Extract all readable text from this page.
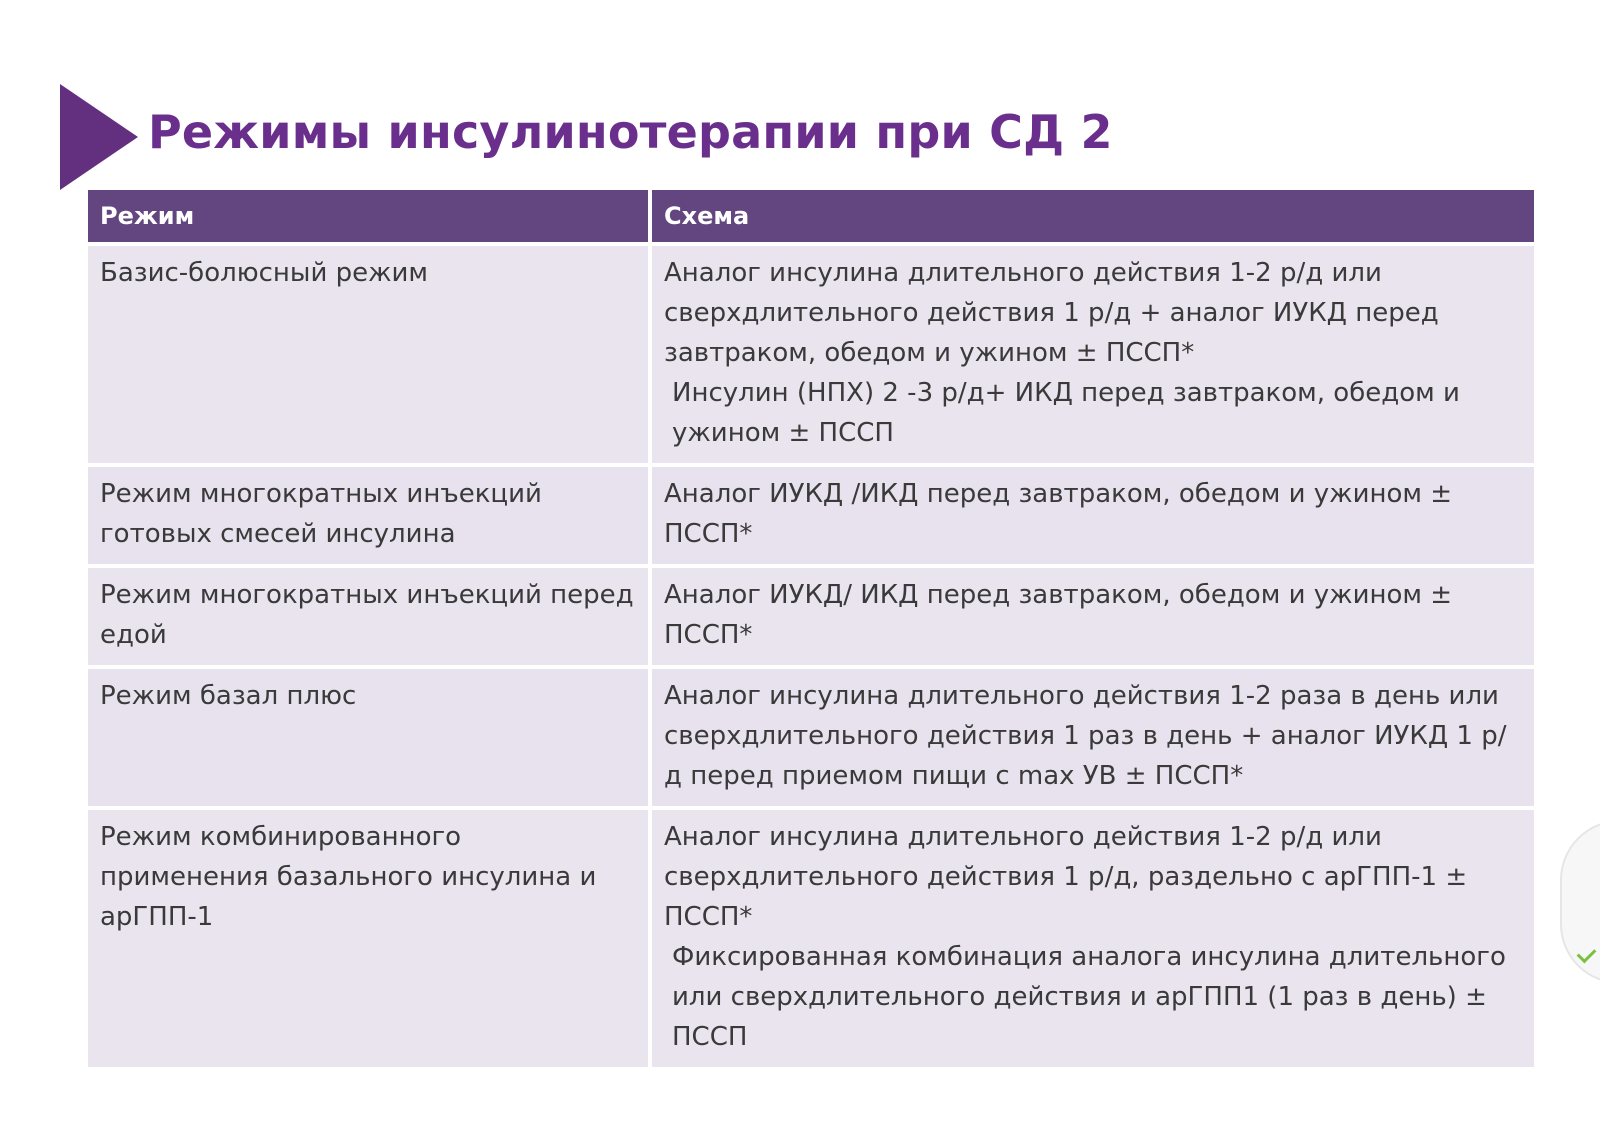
Режимы инсулинотерапии при СД 2
Режим	Схема
Базис-болюсный режим	Аналог инсулина длительного действия 1-2 р/д или сверхдлительного действия 1 р/д + аналог ИУКД перед завтраком, обедом и ужином ± ПССП*
Инсулин (НПХ) 2 -3 р/д+ ИКД перед завтраком, обедом и ужином ± ПССП

Режим многократных инъекций готовых смесей инсулина	Аналог ИУКД /ИКД перед завтраком, обедом и ужином ± ПССП*

Режим многократных инъекций перед едой	Аналог ИУКД/ ИКД перед завтраком, обедом и ужином ± ПССП*

Режим базал плюс	Аналог инсулина длительного действия 1-2 раза в день или сверхдлительного действия 1 раз в день + аналог ИУКД 1 р/д перед приемом пищи с max УВ ± ПССП*

Режим комбинированного применения базального инсулина и арГПП-1	Аналог инсулина длительного действия 1-2 р/д или сверхдлительного действия 1 р/д, раздельно с арГПП-1 ± ПССП*
Фиксированная комбинация аналога инсулина длительного или сверхдлительного действия и арГПП1 (1 раз в день) ± ПССП
